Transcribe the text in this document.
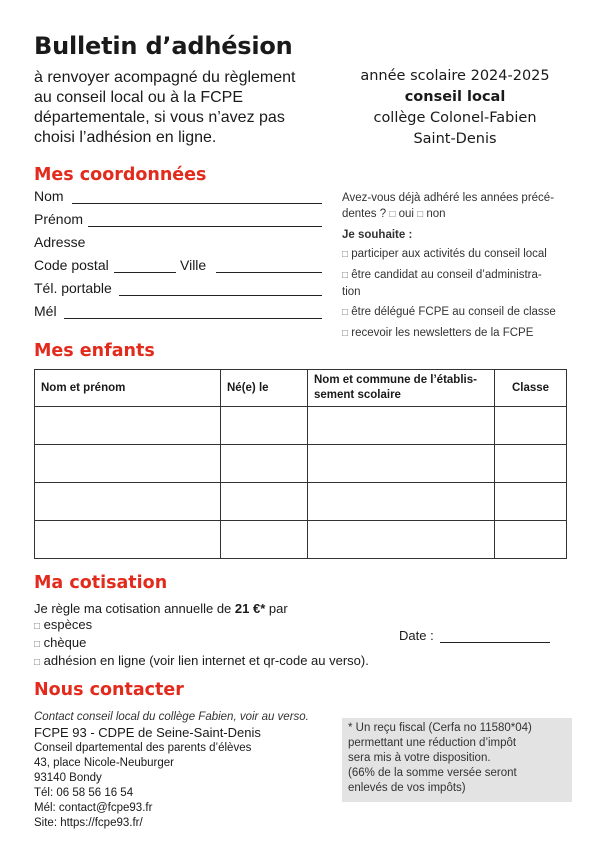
Bulletin d’adhésion
à renvoyer acompagné du règlement
au conseil local ou à la FCPE
départementale, si vous n’avez pas
choisi l’adhésion en ligne.
année scolaire 2024-2025
conseil local
collège Colonel-Fabien
Saint-Denis
Mes coordonnées
Nom
Prénom
Adresse
Code postal	Ville
Tél. portable
Mél
Avez-vous déjà adhéré les années précé-
dentes ? □ oui □ non
Je souhaite :
□ participer aux activités du conseil local
□ être candidat au conseil d’administra-
tion
□ être délégué FCPE au conseil de classe
□ recevoir les newsletters de la FCPE
Mes enfants
Nom et prénom	Né(e) le	Nom et commune de l’établis-
sement scolaire	Classe

Ma cotisation
Je règle ma cotisation annuelle de 21 €* par
□ espèces
□ chèque
□ adhésion en ligne (voir lien internet et qr-code au verso).
Date :
Nous contacter
Contact conseil local du collège Fabien, voir au verso.
FCPE 93 - CDPE de Seine-Saint-Denis
Conseil dpartemental des parents d’élèves
43, place Nicole-Neuburger
93140 Bondy
Tél: 06 58 56 16 54
Mél: contact@fcpe93.fr
Site: https://fcpe93.fr/
* Un reçu fiscal (Cerfa no 11580*04)
permettant une réduction d’impôt
sera mis à votre disposition.
(66% de la somme versée seront
enlevés de vos impôts)
